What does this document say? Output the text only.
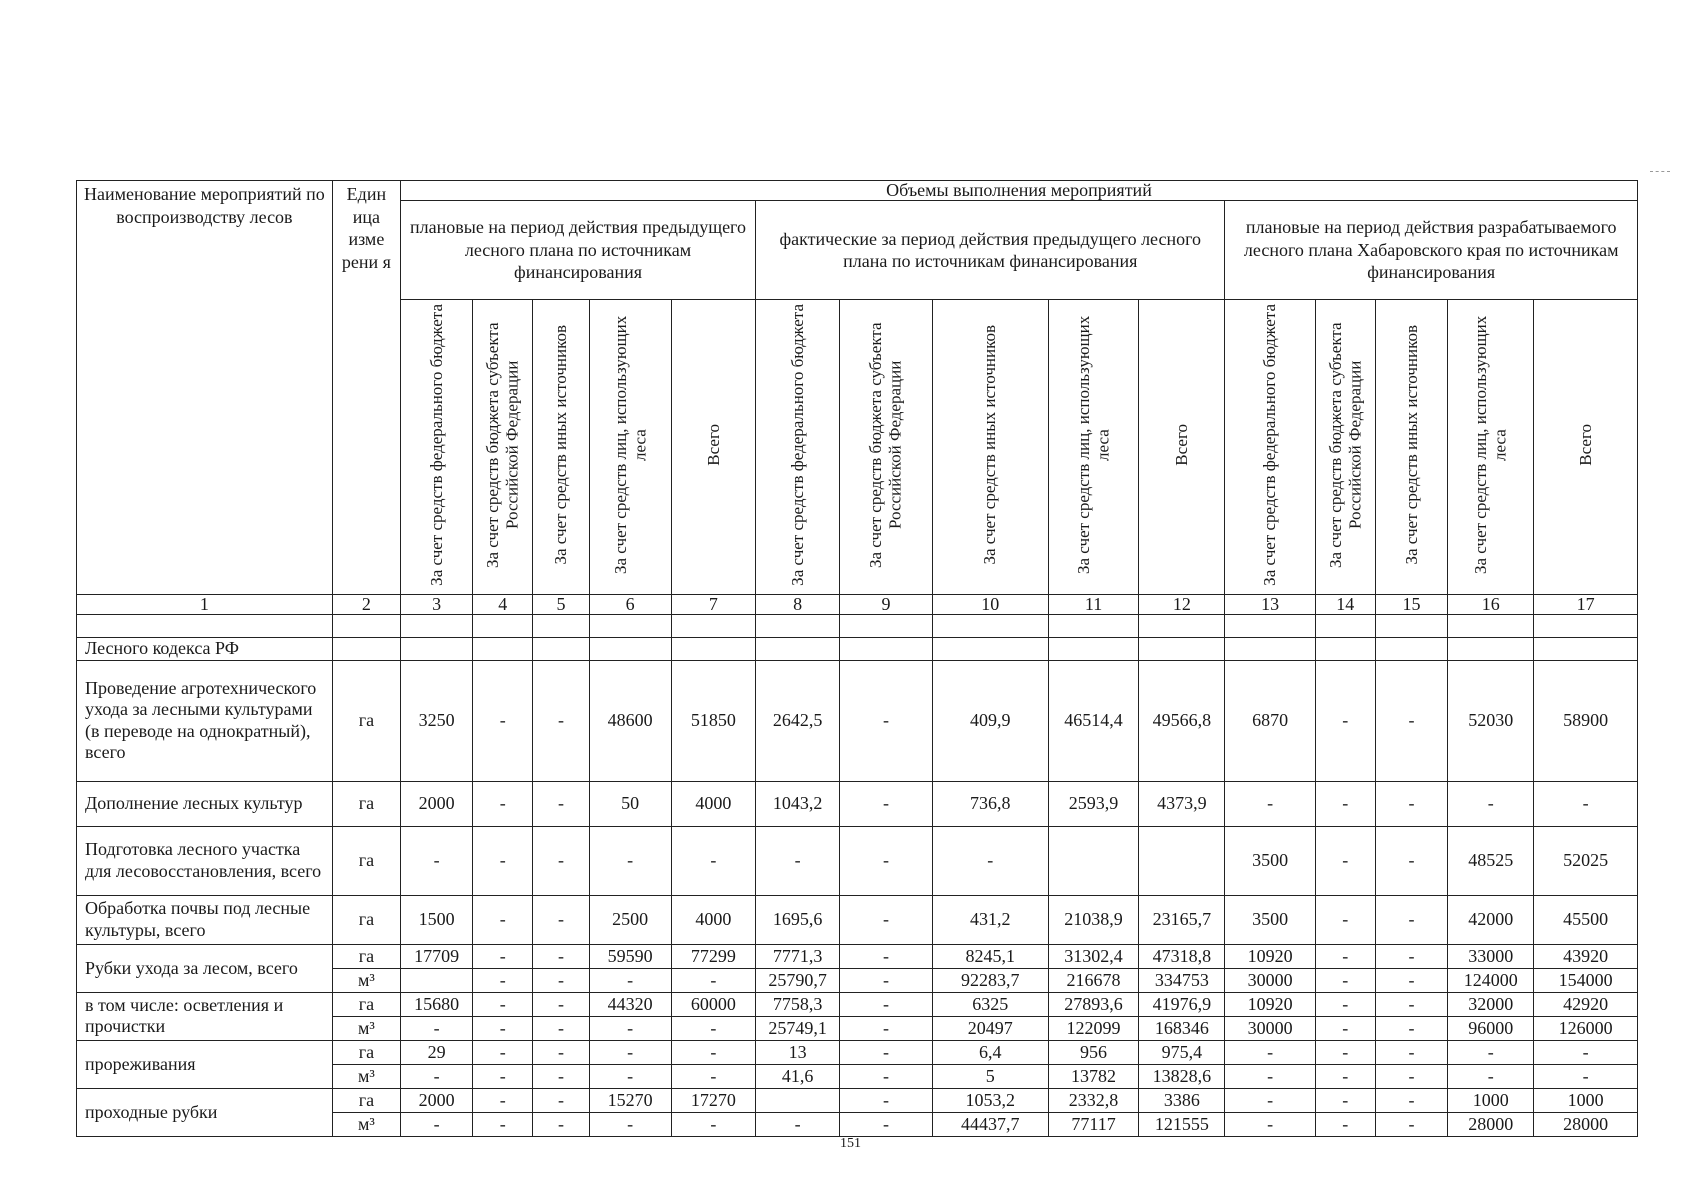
Наименование мероприятий по воспроизводству лесов	Един ица изме рени я	Объемы выполнения мероприятий														
		плановые на период действия предыдущего лесного плана по источникам финансирования					фактические за период действия предыдущего лесного плана по источникам финансирования					плановые на период действия разрабатываемого лесного плана Хабаровского края по источникам финансирования				
		За счет средств федерального бюджета	За счет средств бюджета субъекта Российской Федерации	За счет средств иных источников	За счет средств лиц, использующих леса	Всего	За счет средств федерального бюджета	За счет средств бюджета субъекта Российской Федерации	За счет средств иных источников	За счет средств лиц, использующих леса	Всего	За счет средств федерального бюджета	За счет средств бюджета субъекта Российской Федерации	За счет средств иных источников	За счет средств лиц, использующих леса	Всего
1	2	3	4	5	6	7	8	9	10	11	12	13	14	15	16	17

Лесного кодекса РФ																
Проведение агротехнического ухода за лесными культурами (в переводе на однократный), всего	га	3250	-	-	48600	51850	2642,5	-	409,9	46514,4	49566,8	6870	-	-	52030	58900
Дополнение лесных культур	га	2000	-	-	50	4000	1043,2	-	736,8	2593,9	4373,9	-	-	-	-	-
Подготовка лесного участка для лесовосстановления, всего	га	-	-	-	-	-	-	-	-			3500	-	-	48525	52025
Обработка почвы под лесные культуры, всего	га	1500	-	-	2500	4000	1695,6	-	431,2	21038,9	23165,7	3500	-	-	42000	45500
Рубки ухода за лесом, всего	га	17709	-	-	59590	77299	7771,3	-	8245,1	31302,4	47318,8	10920	-	-	33000	43920
	м³		-	-	-	-	25790,7	-	92283,7	216678	334753	30000	-	-	124000	154000
в том числе: осветления и прочистки	га	15680	-	-	44320	60000	7758,3	-	6325	27893,6	41976,9	10920	-	-	32000	42920
	м³	-	-	-	-	-	25749,1	-	20497	122099	168346	30000	-	-	96000	126000
прореживания	га	29	-	-	-	-	13	-	6,4	956	975,4	-	-	-	-	-
	м³	-	-	-	-	-	41,6	-	5	13782	13828,6	-	-	-	-	-
проходные рубки	га	2000	-	-	15270	17270		-	1053,2	2332,8	3386	-	-	-	1000	1000
	м³	-	-	-	-	-	-	-	44437,7	77117	121555	-	-	-	28000	28000
151
